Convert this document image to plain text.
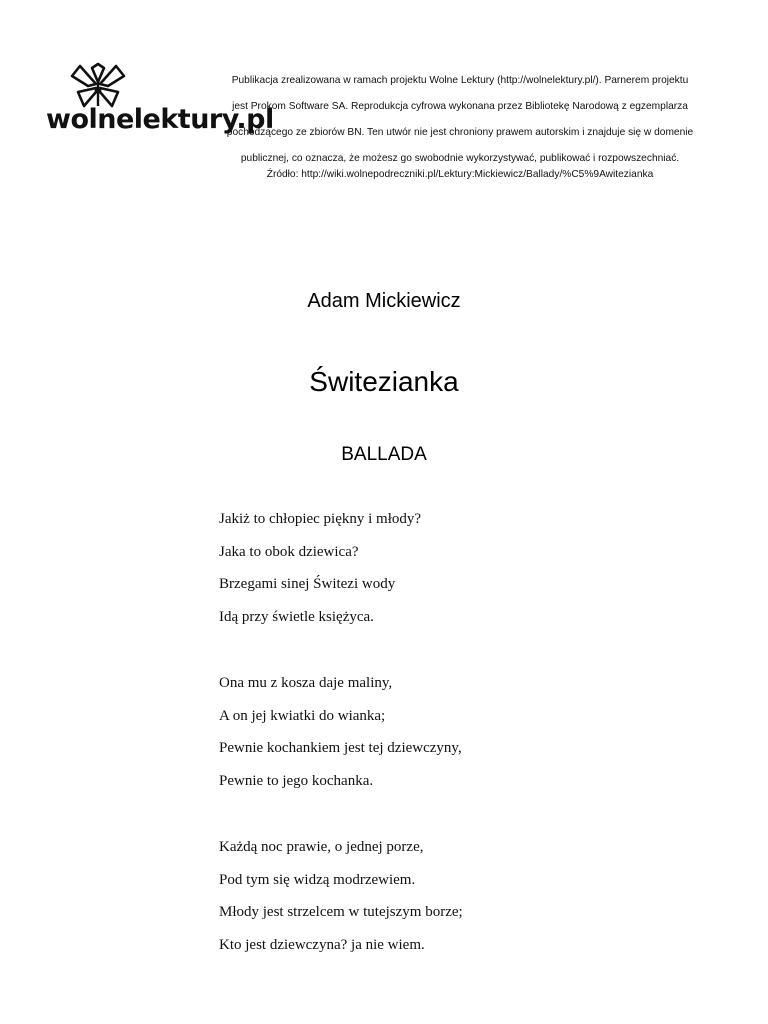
wolnelektury.pl

Publikacja zrealizowana w ramach projektu Wolne Lektury (http://wolnelektury.pl/). Parnerem projektu

jest Prokom Software SA. Reprodukcja cyfrowa wykonana przez Bibliotekę Narodową z egzemplarza

pochodzącego ze zbiorów BN. Ten utwór nie jest chroniony prawem autorskim i znajduje się w domenie

publicznej, co oznacza, że możesz go swobodnie wykorzystywać, publikować i rozpowszechniać.

Źródło: http://wiki.wolnepodreczniki.pl/Lektury:Mickiewicz/Ballady/%C5%9Awitezianka
Adam Mickiewicz
Świtezianka
BALLADA
Jakiż to chłopiec piękny i młody?
Jaka to obok dziewica?
Brzegami sinej Świtezi wody
Idą przy świetle księżyca.
Ona mu z kosza daje maliny,
A on jej kwiatki do wianka;
Pewnie kochankiem jest tej dziewczyny,
Pewnie to jego kochanka.
Każdą noc prawie, o jednej porze,
Pod tym się widzą modrzewiem.
Młody jest strzelcem w tutejszym borze;
Kto jest dziewczyna? ja nie wiem.
